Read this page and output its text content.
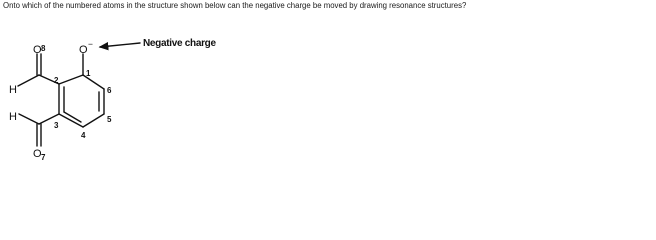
Onto which of the numbered atoms in the structure shown below can the negative charge be moved by drawing resonance structures?
O	O −
O
H
H
1
2
3
4
5
6
7
8	Negative charge
